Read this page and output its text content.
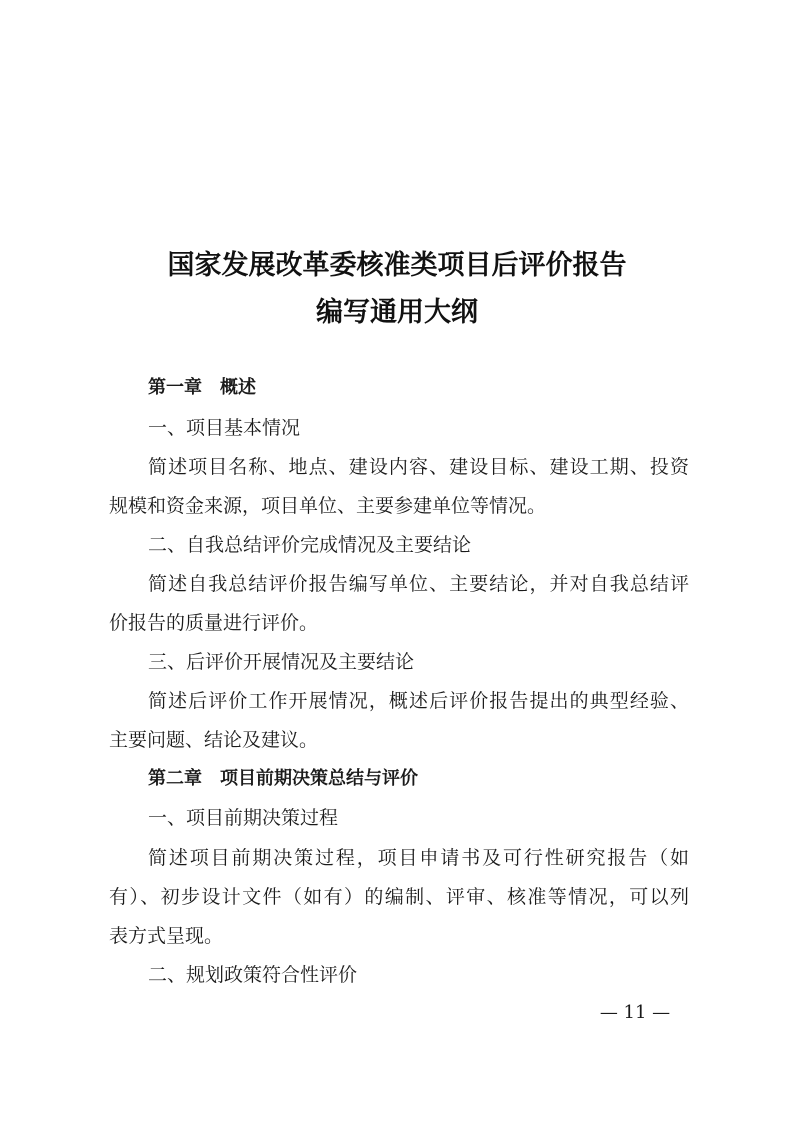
国家发展改革委核准类项目后评价报告
编写通用大纲
第一章　概述
一、项目基本情况
简述项目名称、地点、建设内容、建设目标、建设工期、投资
规模和资金来源，项目单位、主要参建单位等情况。
二、自我总结评价完成情况及主要结论
简述自我总结评价报告编写单位、主要结论，并对自我总结评
价报告的质量进行评价。
三、后评价开展情况及主要结论
简述后评价工作开展情况，概述后评价报告提出的典型经验、
主要问题、结论及建议。
第二章　项目前期决策总结与评价
一、项目前期决策过程
简述项目前期决策过程，项目申请书及可行性研究报告（如
有）、初步设计文件（如有）的编制、评审、核准等情况，可以列
表方式呈现。
二、规划政策符合性评价
— 11 —
